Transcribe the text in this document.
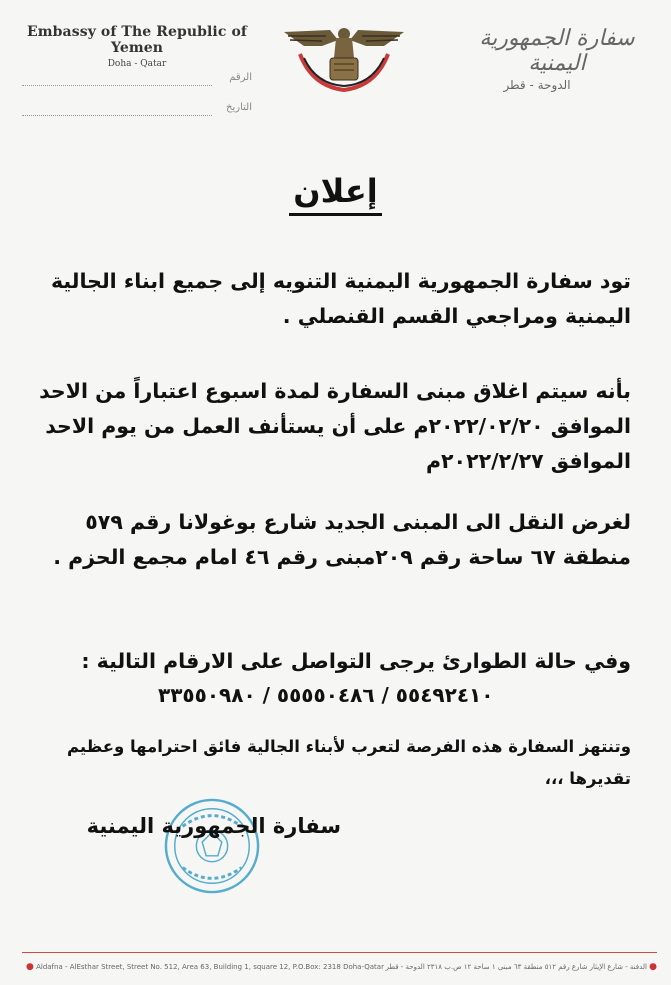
Embassy of The Republic of Yemen
Doha - Qatar
الرقم
التاريخ
سفارة الجمهورية اليمنية
الدوحة - قطر
إعلان
تود سفارة الجمهورية اليمنية التنويه إلى جميع ابناء الجالية اليمنية ومراجعي القسم القنصلي .
بأنه سيتم اغلاق مبنى السفارة لمدة اسبوع اعتباراً من الاحد الموافق ٢٠٢٢/٠٢/٢٠م على أن يستأنف العمل من يوم الاحد الموافق ٢٠٢٢/٢/٢٧م
لغرض النقل الى المبنى الجديد شارع بوغولانا رقم ٥٧٩ منطقة ٦٧ ساحة رقم ٢٠٩مبنى رقم ٤٦ امام مجمع الحزم .
وفي حالة الطوارئ يرجى التواصل على الارقام التالية :
٥٥٤٩٢٤١٠ / ٥٥٥٥٠٤٨٦ / ٣٣٥٥٠٩٨٠
وتنتهز السفارة هذه الفرصة لتعرب لأبناء الجالية فائق احترامها وعظيم تقديرها ،،،
سفارة الجمهورية اليمنية
● Aldafna - AlEsthar Street, Street No. 512, Area 63, Building 1, square 12, P.O.Box: 2318 Doha-Qatar	● الدفنة - شارع الإيثار شارع رقم ٥١٢ منطقة ٦٣ مبنى ١ ساحة ١٢ ص.ب ٢٣١٨ الدوحة - قطر
